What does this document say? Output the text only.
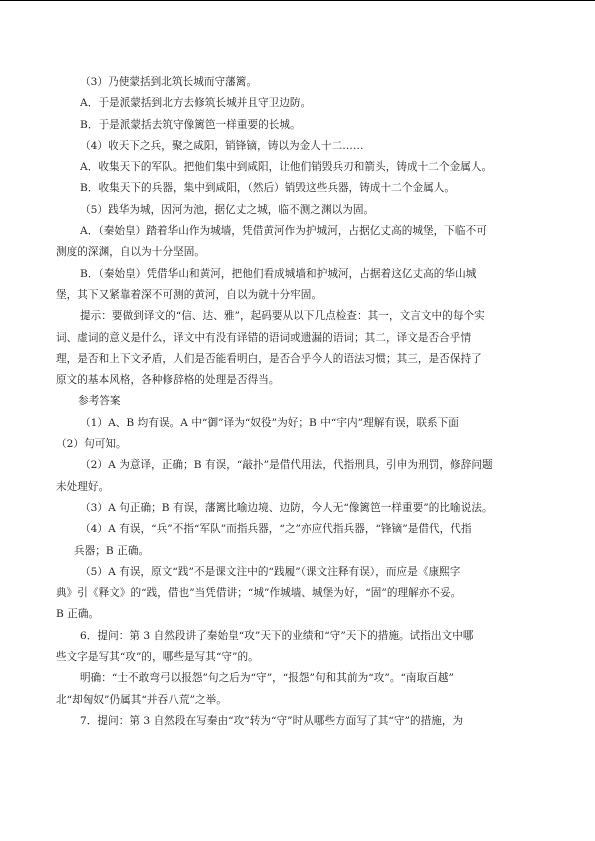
（3）乃使蒙括到北筑长城而守藩篱。

A．于是派蒙括到北方去修筑长城并且守卫边防。

B．于是派蒙括去筑守像篱笆一样重要的长城。

（4）收天下之兵，聚之咸阳，销锋镝，铸以为金人十二……

A．收集天下的军队。把他们集中到咸阳，让他们销毁兵刃和箭头，铸成十二个金属人。

B．收集天下的兵器，集中到咸阳，（然后）销毁这些兵器，铸成十二个金属人。

（5）践华为城，因河为池，据亿丈之城，临不测之渊以为固。

A．（秦始皇）踏着华山作为城墙，凭借黄河作为护城河，占据亿丈高的城堡，下临不可

测度的深渊，自以为十分坚固。

B．（秦始皇）凭借华山和黄河，把他们看成城墙和护城河，占据着这亿丈高的华山城

堡，其下又紧靠着深不可测的黄河，自以为就十分牢固。

提示：要做到译文的“信、达、雅”，起码要从以下几点检查：其一，文言文中的每个实

词、虚词的意义是什么，译文中有没有译错的语词或遗漏的语词；其二，译文是否合乎情

理，是否和上下文矛盾，人们是否能看明白，是否合乎今人的语法习惯；其三，是否保持了

原文的基本风格，各种修辞格的处理是否得当。

参考答案

（1）A、B 均有误。A 中“御”译为“奴役”为好；B 中“宇内”理解有误，联系下面

（2）句可知。

（2）A 为意译，正确；B 有误，“敲扑”是借代用法，代指刑具，引申为刑罚，修辞问题

未处理好。

（3）A 句正确；B 有误，藩篱比喻边境、边防，今人无“像篱笆一样重要”的比喻说法。

（4）A 有误，“兵”不指“军队”而指兵器，“之”亦应代指兵器，“锋镝”是借代，代指

兵器；B 正确。

（5）A 有误，原文“践”不是课文注中的“践履”（课文注释有误），而应是《康熙字

典》引《释文》的“践，借也”当凭借讲；“城”作城墙、城堡为好，“固”的理解亦不妥。

B 正确。

6．提问：第 3 自然段讲了秦始皇“攻”天下的业绩和“守”天下的措施。试指出文中哪

些文字是写其“攻”的，哪些是写其“守”的。

明确：“士不敢弯弓以报怨”句之后为“守”，“报怨”句和其前为“攻”。“南取百越”

北“却匈奴”仍属其“并吞八荒”之举。

7．提问：第 3 自然段在写秦由“攻”转为“守”时从哪些方面写了其“守”的措施，为
